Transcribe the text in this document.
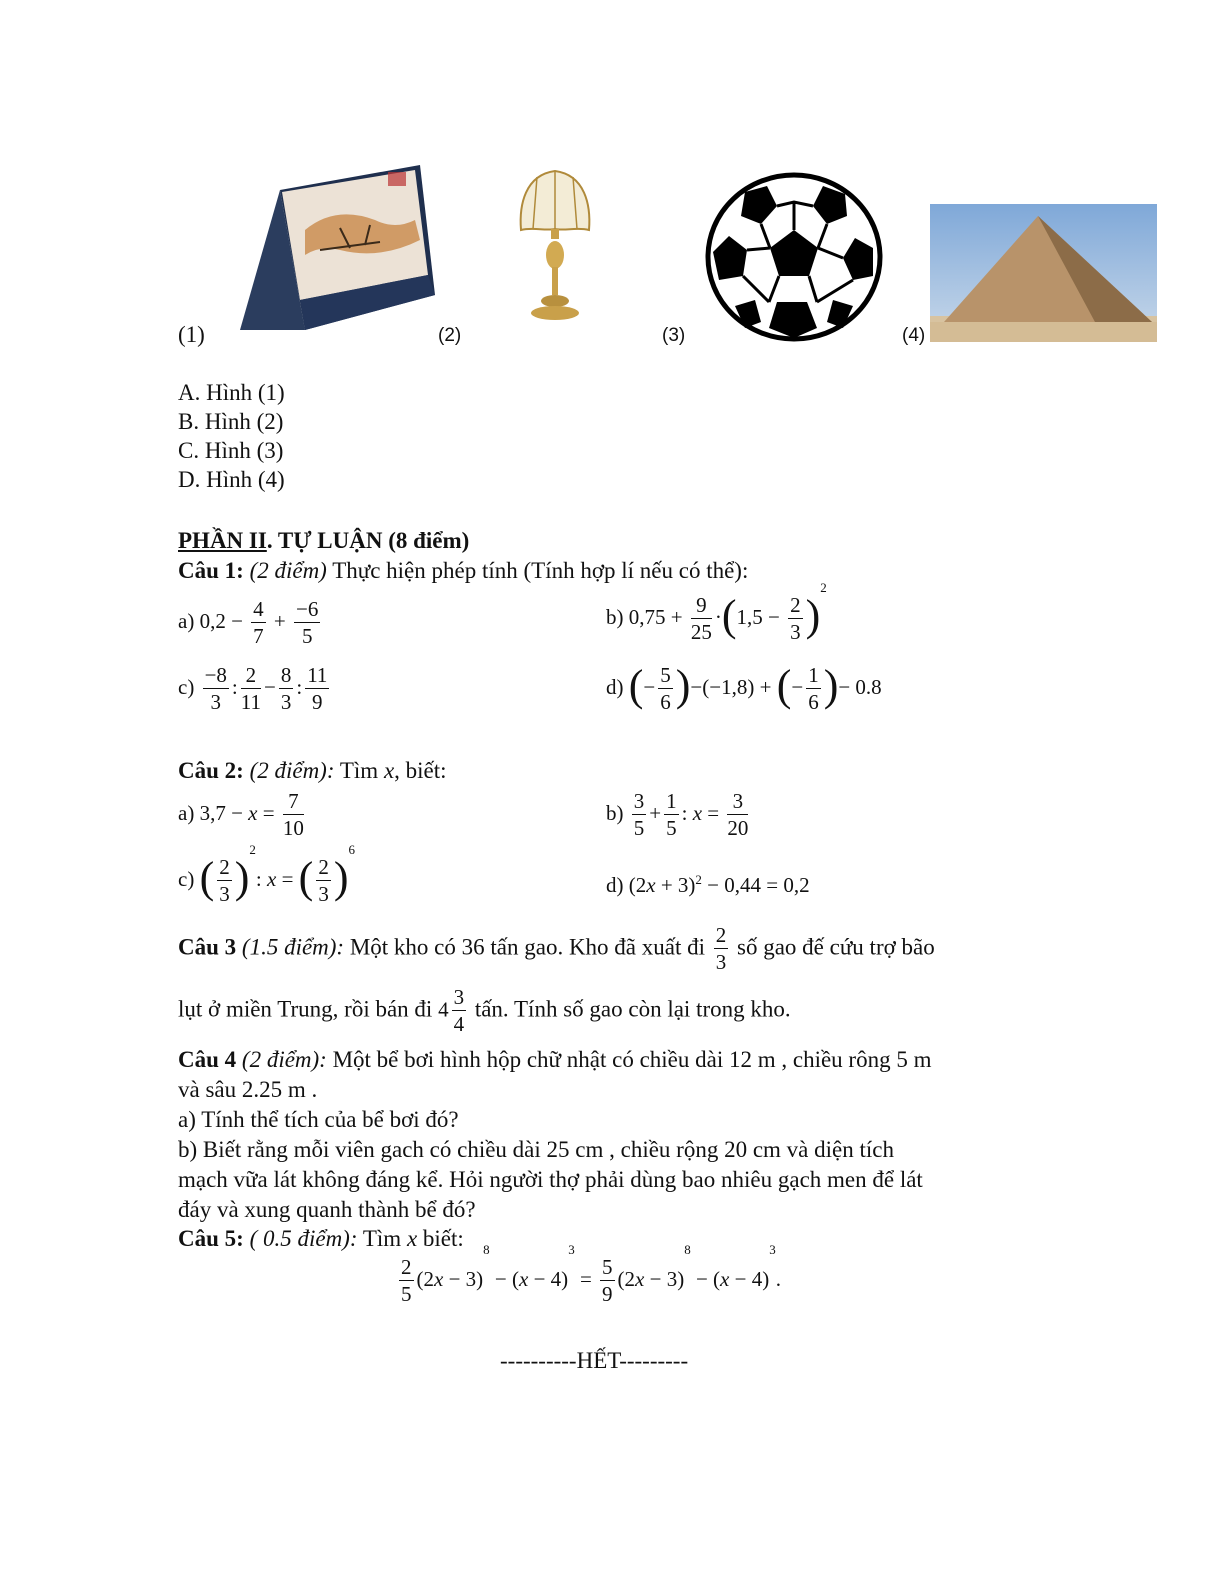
(1)	(2)	(3)	(4)
A. Hình (1)
B. Hình (2)
C. Hình (3)
D. Hình (4)
PHẦN II. TỰ LUẬN (8 điểm)
Câu 1: (2 điểm) Thực hiện phép tính (Tính hợp lí nếu có thể):
a) $0,2 - \frac{4}{7} + \frac{-6}{5}$	b) $0,75 + \frac{9}{25} \cdot(1,5 - \frac{2}{3} )^2$
$c) \frac{-8}{3}$ : $\frac{2}{11} - \frac{8}{3}$ : $\frac{11}{9}$	d) (− $\frac{5}{6} )-(-1,8)$ + (− $\frac{1}{6}$ )− 0.8
Câu 2: (2 điểm): Tìm x, biết:
a) $3,7 - x = \frac{7}{10}$	$b) \frac{3}{5} + \frac{1}{5}$ : $x = \frac{3}{20}$
c) ( $\frac{2}{3} )^2$: x = ( $\frac{2}{3} )^6$
d) $(2x + 3)^2 - 0,44 = 0,2$
Câu 3 (1.5 điểm): Một kho có 36 tấn gao. Kho đã xuất đi $\frac{2}{3}$ số gao đế cứu trợ bão
lụt ở miền Trung, rồi bán đi $4 \frac{3}{4}$ tấn. Tính số gao còn lại trong kho.
Câu 4 (2 điểm): Một bể bơi hình hộp chữ nhật có chiều dài 12 m , chiều rông 5 m
và sâu 2.25 m .
a) Tính thể tích của bể bơi đó?
b) Biết rằng mỗi viên gach có chiều dài 25 cm , chiều rộng 20 cm và diện tích
mạch vữa lát không đáng kể. Hỏi người thợ phải dùng bao nhiêu gạch men để lát
đáy và xung quanh thành bể đó?
Câu 5: ( 0.5 điểm): Tìm x biết:
$\frac{2}{5} (2x - 3)^8 - (x - 4)^3 = \frac{5}{9} (2x - 3)^8 - (x - 4)^3$.
----------HẾT---------
